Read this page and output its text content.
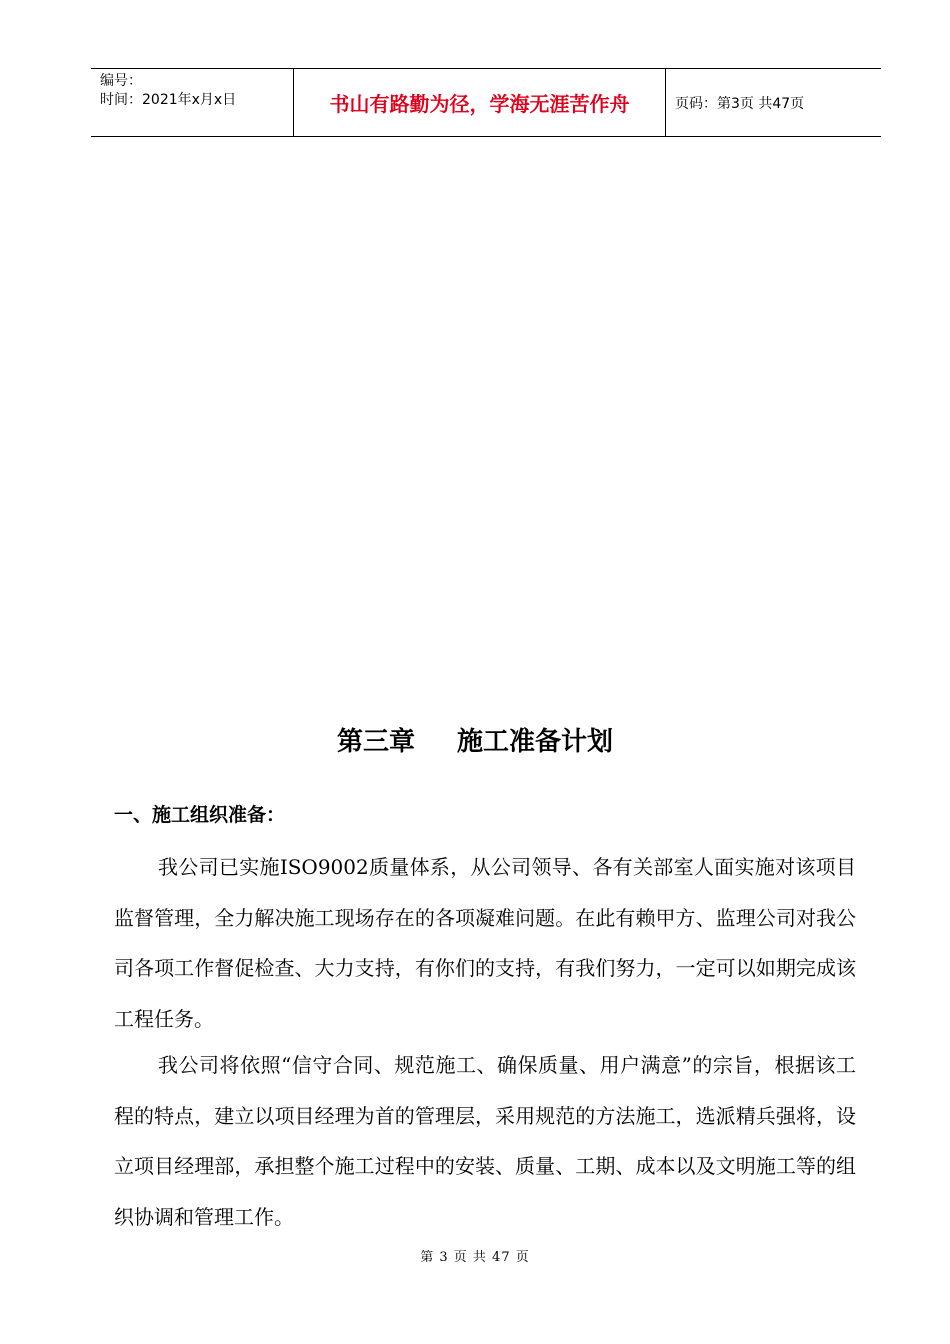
编号：
时间：2021年x月x日	书山有路勤为径，学海无涯苦作舟	页码：第3页 共47页
第三章 施工准备计划
一、施工组织准备：

我公司已实施ISO9002质量体系，从公司领导、各有关部室人面实施对该项目监督管理，全力解决施工现场存在的各项凝难问题。在此有赖甲方、监理公司对我公司各项工作督促检查、大力支持，有你们的支持，有我们努力，一定可以如期完成该工程任务。

我公司将依照“信守合同、规范施工、确保质量、用户满意”的宗旨，根据该工程的特点，建立以项目经理为首的管理层，采用规范的方法施工，选派精兵强将，设立项目经理部，承担整个施工过程中的安装、质量、工期、成本以及文明施工等的组织协调和管理工作。

第 3 页 共 47 页
